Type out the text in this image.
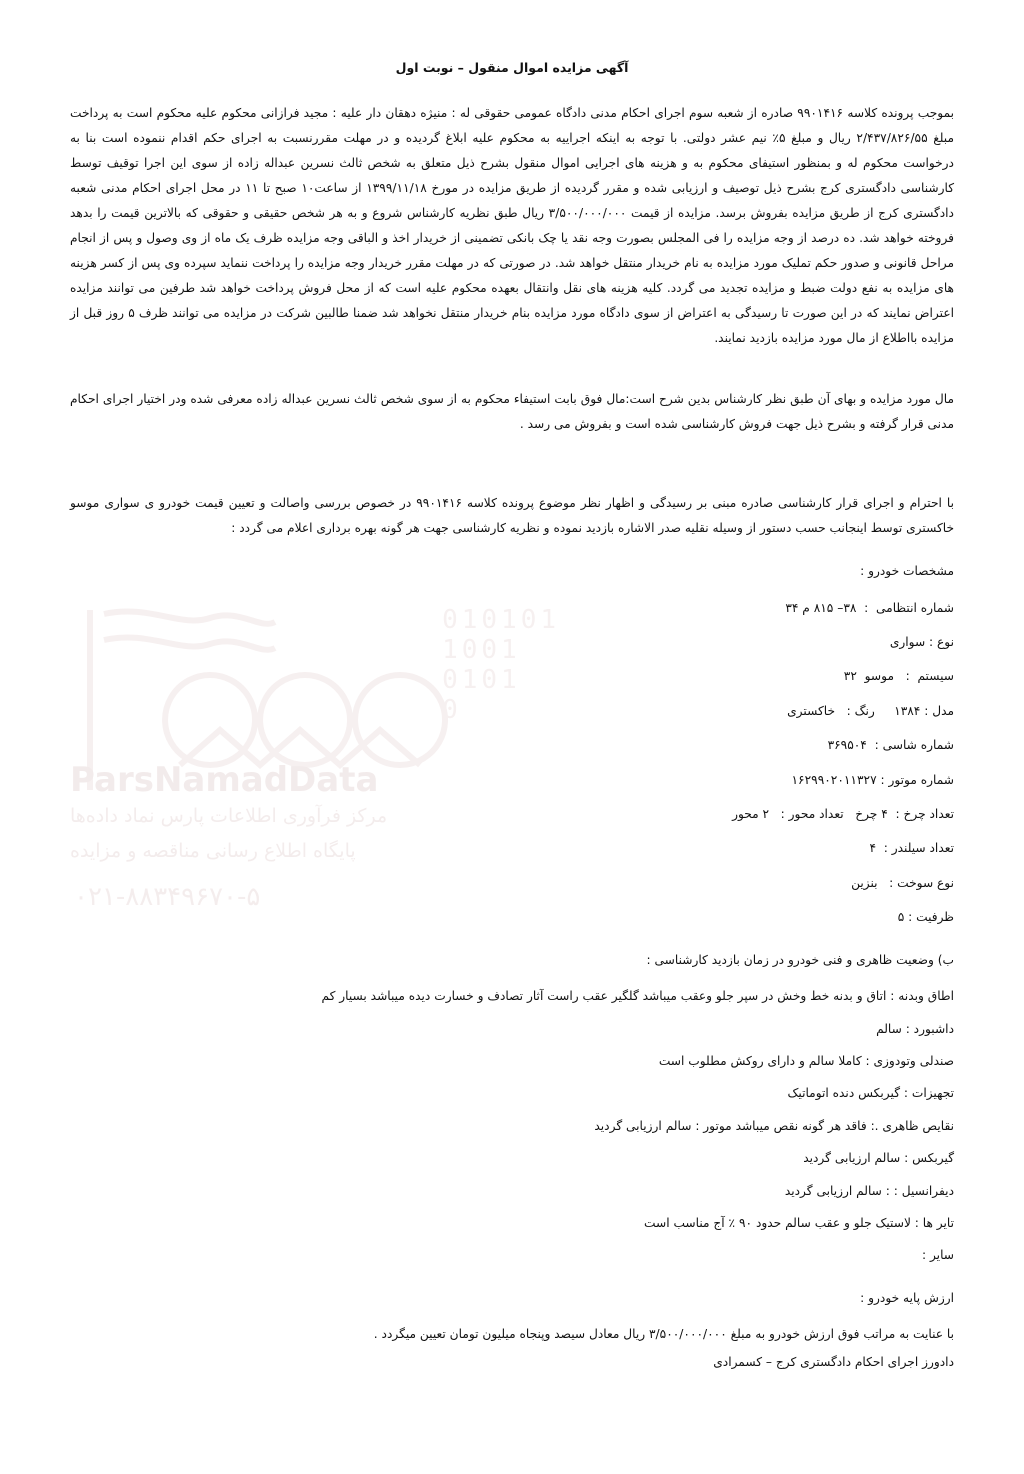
010101
1001
0101
0
ParsNamadData
مرکز فرآوری اطلاعات پارس نماد داده‌ها
پایگاه اطلاع رسانی مناقصه و مزایده
۰۲۱-۸۸۳۴۹۶۷۰-۵
آگهی مزایده اموال منقول – نوبت اول

بموجب پرونده کلاسه ۹۹۰۱۴۱۶ صادره از شعبه سوم اجرای احکام مدنی دادگاه عمومی حقوقی له : منیژه دهقان دار علیه : مجید فرازانی محکوم علیه محکوم است به پرداخت مبلغ ۲/۴۳۷/۸۲۶/۵۵ ریال و مبلغ ۵٪ نیم عشر دولتی. با توجه به اینکه اجراییه به محکوم علیه ابلاغ گردیده و در مهلت مقررنسبت به اجرای حکم اقدام ننموده است بنا به درخواست محکوم له و بمنظور استیفای محکوم به و هزینه های اجرایی اموال منقول بشرح ذیل متعلق به شخص ثالث نسرین عبداله زاده از سوی این اجرا توقیف توسط کارشناسی دادگستری کرج بشرح ذیل توصیف و ارزیابی شده و مقرر گردیده از طریق مزایده در مورخ ۱۳۹۹/۱۱/۱۸ از ساعت۱۰ صبح تا ۱۱ در محل اجرای احکام مدنی شعبه دادگستری کرج از طریق مزایده بفروش برسد. مزایده از قیمت ۳/۵۰۰/۰۰۰/۰۰۰ ریال طبق نظریه کارشناس شروع و به هر شخص حقیقی و حقوقی که بالاترین قیمت را بدهد فروخته خواهد شد. ده درصد از وجه مزایده را فی المجلس بصورت وجه نقد یا چک بانکی تضمینی از خریدار اخذ و الباقی وجه مزایده ظرف یک ماه از وی وصول و پس از انجام مراحل قانونی و صدور حکم تملیک مورد مزایده به نام خریدار منتقل خواهد شد. در صورتی که در مهلت مقرر خریدار وجه مزایده را پرداخت ننماید سپرده وی پس از کسر هزینه های مزایده به نفع دولت ضبط و مزایده تجدید می گردد. کلیه هزینه های نقل وانتقال بعهده محکوم علیه است که از محل فروش پرداخت خواهد شد طرفین می توانند مزایده اعتراض نمایند که در این صورت تا رسیدگی به اعتراض از سوی دادگاه مورد مزایده بنام خریدار منتقل نخواهد شد ضمنا طالبین شرکت در مزایده می توانند ظرف ۵ روز قبل از مزایده بااطلاع از مال مورد مزایده بازدید نمایند.

مال مورد مزایده و بهای آن طبق نظر کارشناس بدین شرح است:مال فوق بابت استیفاء محکوم به از سوی شخص ثالث نسرین عبداله زاده معرفی شده ودر اختیار اجرای احکام مدنی قرار گرفته و بشرح ذیل جهت فروش کارشناسی شده است و بفروش می رسد .

با احترام و اجرای قرار کارشناسی صادره مبنی بر رسیدگی و اظهار نظر موضوع پرونده کلاسه ۹۹۰۱۴۱۶ در خصوص بررسی واصالت و تعیین قیمت خودرو ی سواری موسو خاکستری توسط اینجانب حسب دستور از وسیله نقلیه صدر الاشاره بازدید نموده و نظریه کارشناسی جهت هر گونه بهره برداری اعلام می گردد :

مشخصات خودرو :
شماره انتظامی  :  ۳۸– ۸۱۵ م ۳۴
نوع : سواری
سیستم  :   موسو  ۳۲
مدل : ۱۳۸۴     رنگ :   خاکستری
شماره شاسی :  ۳۶۹۵۰۴
شماره موتور : ۱۶۲۹۹۰۲۰۱۱۳۲۷
تعداد چرخ :  ۴ چرخ   تعداد محور :   ۲ محور
تعداد سیلندر :  ۴
نوع سوخت :   بنزین
ظرفیت : ۵
ب) وضعیت ظاهری و فنی خودرو در زمان بازدید کارشناسی :
اطاق وبدنه : اتاق و بدنه خط وخش در سپر جلو وعقب میباشد گلگیر عقب راست آثار تصادف و خسارت دیده میباشد بسیار کم
داشبورد : سالم
صندلی وتودوزی : کاملا سالم و دارای روکش مطلوب است
تجهیزات : گیربکس دنده اتوماتیک
نقایص ظاهری .: فاقد هر گونه نقص میباشد موتور : سالم ارزیابی گردید
گیربکس : سالم ارزیابی گردید
دیفرانسیل : : سالم ارزیابی گردید
تایر ها : لاستیک جلو و عقب سالم حدود ۹۰ ٪ آج مناسب است
سایر :
ارزش پایه خودرو :
با عنایت به مراتب فوق ارزش خودرو به مبلغ ۳/۵۰۰/۰۰۰/۰۰۰ ریال معادل سیصد وپنجاه میلیون تومان تعیین میگردد .
دادورز اجرای احکام دادگستری کرج – کسمرادی
